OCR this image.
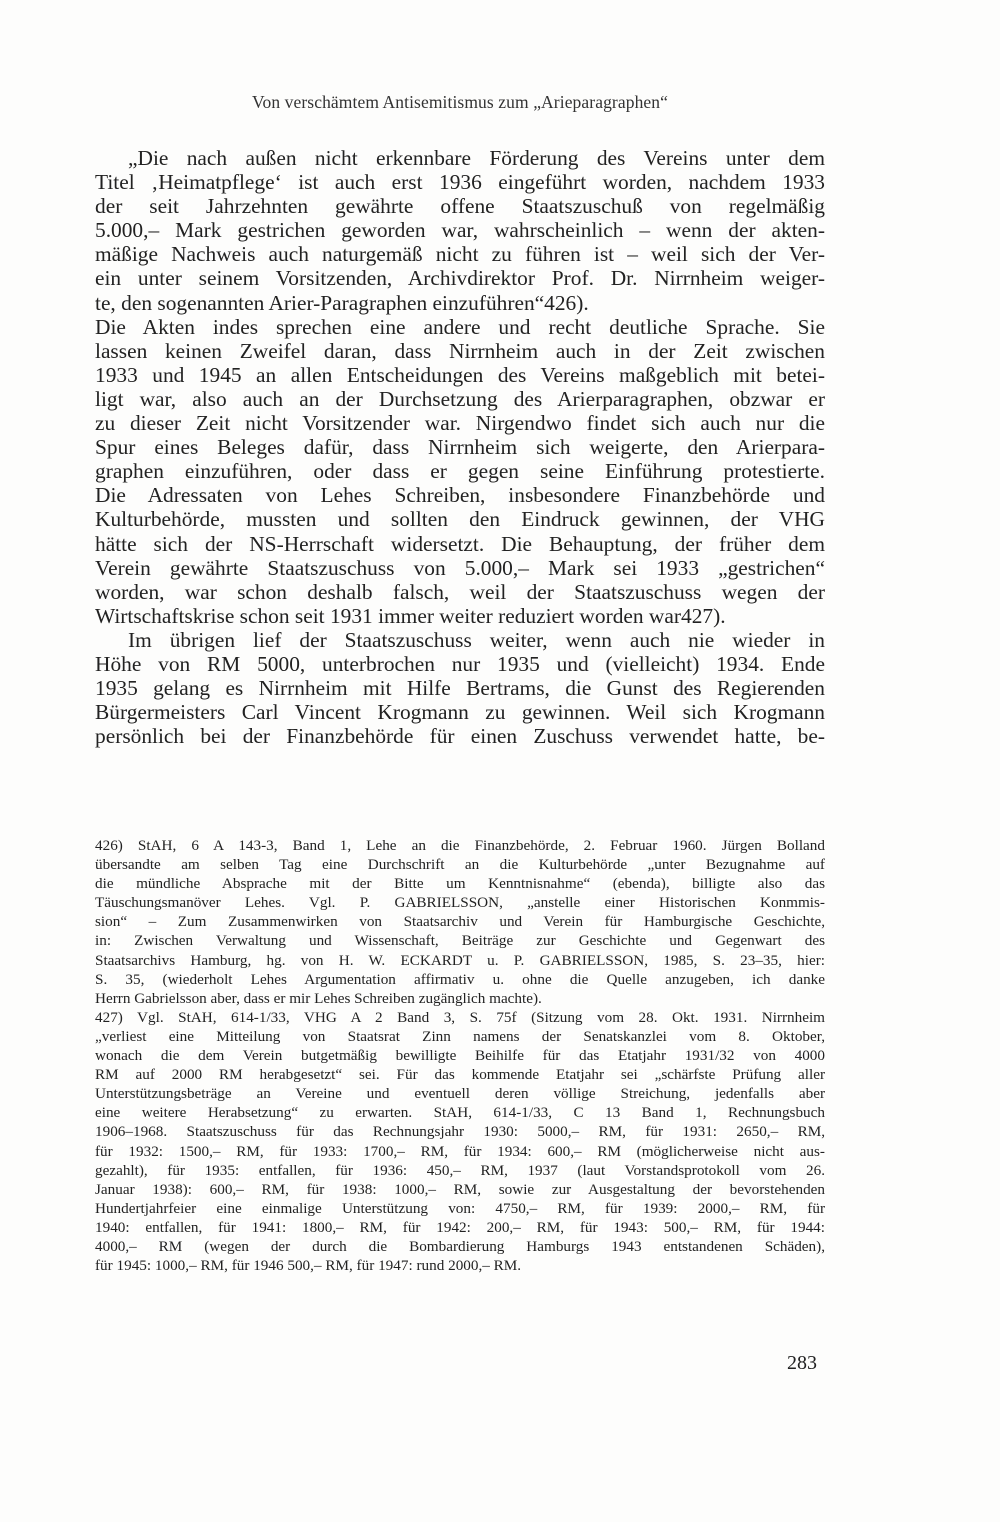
Von verschämtem Antisemitismus zum „Arieparagraphen“
„Die nach außen nicht erkennbare Förderung des Vereins unter dem
Titel ‚Heimatpflege‘ ist auch erst 1936 eingeführt worden, nachdem 1933
der seit Jahrzehnten gewährte offene Staatszuschuß von regelmäßig
5.000,– Mark gestrichen geworden war, wahrscheinlich – wenn der akten-
mäßige Nachweis auch naturgemäß nicht zu führen ist – weil sich der Ver-
ein unter seinem Vorsitzenden, Archivdirektor Prof. Dr. Nirrnheim weiger-
te, den sogenannten Arier-Paragraphen einzuführen“426).
Die Akten indes sprechen eine andere und recht deutliche Sprache. Sie
lassen keinen Zweifel daran, dass Nirrnheim auch in der Zeit zwischen
1933 und 1945 an allen Entscheidungen des Vereins maßgeblich mit betei-
ligt war, also auch an der Durchsetzung des Arierparagraphen, obzwar er
zu dieser Zeit nicht Vorsitzender war. Nirgendwo findet sich auch nur die
Spur eines Beleges dafür, dass Nirrnheim sich weigerte, den Arierpara-
graphen einzuführen, oder dass er gegen seine Einführung protestierte.
Die Adressaten von Lehes Schreiben, insbesondere Finanzbehörde und
Kulturbehörde, mussten und sollten den Eindruck gewinnen, der VHG
hätte sich der NS-Herrschaft widersetzt. Die Behauptung, der früher dem
Verein gewährte Staatszuschuss von 5.000,– Mark sei 1933 „gestrichen“
worden, war schon deshalb falsch, weil der Staatszuschuss wegen der
Wirtschaftskrise schon seit 1931 immer weiter reduziert worden war427).
Im übrigen lief der Staatszuschuss weiter, wenn auch nie wieder in
Höhe von RM 5000, unterbrochen nur 1935 und (vielleicht) 1934. Ende
1935 gelang es Nirrnheim mit Hilfe Bertrams, die Gunst des Regierenden
Bürgermeisters Carl Vincent Krogmann zu gewinnen. Weil sich Krogmann
persönlich bei der Finanzbehörde für einen Zuschuss verwendet hatte, be-
426) StAH, 6 A 143-3, Band 1, Lehe an die Finanzbehörde, 2. Februar 1960. Jürgen Bolland
übersandte am selben Tag eine Durchschrift an die Kulturbehörde „unter Bezugnahme auf
die mündliche Absprache mit der Bitte um Kenntnisnahme“ (ebenda), billigte also das
Täuschungsmanöver Lehes. Vgl. P. GABRIELSSON, „anstelle einer Historischen Konmmis-
sion“ – Zum Zusammenwirken von Staatsarchiv und Verein für Hamburgische Geschichte,
in: Zwischen Verwaltung und Wissenschaft, Beiträge zur Geschichte und Gegenwart des
Staatsarchivs Hamburg, hg. von H. W. ECKARDT u. P. GABRIELSSON, 1985, S. 23–35, hier:
S. 35, (wiederholt Lehes Argumentation affirmativ u. ohne die Quelle anzugeben, ich danke
Herrn Gabrielsson aber, dass er mir Lehes Schreiben zugänglich machte).
427) Vgl. StAH, 614-1/33, VHG A 2 Band 3, S. 75f (Sitzung vom 28. Okt. 1931. Nirrnheim
„verliest eine Mitteilung von Staatsrat Zinn namens der Senatskanzlei vom 8. Oktober,
wonach die dem Verein butgetmäßig bewilligte Beihilfe für das Etatjahr 1931/32 von 4000
RM auf 2000 RM herabgesetzt“ sei. Für das kommende Etatjahr sei „schärfste Prüfung aller
Unterstützungsbeträge an Vereine und eventuell deren völlige Streichung, jedenfalls aber
eine weitere Herabsetzung“ zu erwarten. StAH, 614-1/33, C 13 Band 1, Rechnungsbuch
1906–1968. Staatszuschuss für das Rechnungsjahr 1930: 5000,– RM, für 1931: 2650,– RM,
für 1932: 1500,– RM, für 1933: 1700,– RM, für 1934: 600,– RM (möglicherweise nicht aus-
gezahlt), für 1935: entfallen, für 1936: 450,– RM, 1937 (laut Vorstandsprotokoll vom 26.
Januar 1938): 600,– RM, für 1938: 1000,– RM, sowie zur Ausgestaltung der bevorstehenden
Hundertjahrfeier eine einmalige Unterstützung von: 4750,– RM, für 1939: 2000,– RM, für
1940: entfallen, für 1941: 1800,– RM, für 1942: 200,– RM, für 1943: 500,– RM, für 1944:
4000,– RM (wegen der durch die Bombardierung Hamburgs 1943 entstandenen Schäden),
für 1945: 1000,– RM, für 1946 500,– RM, für 1947: rund 2000,– RM.
283
